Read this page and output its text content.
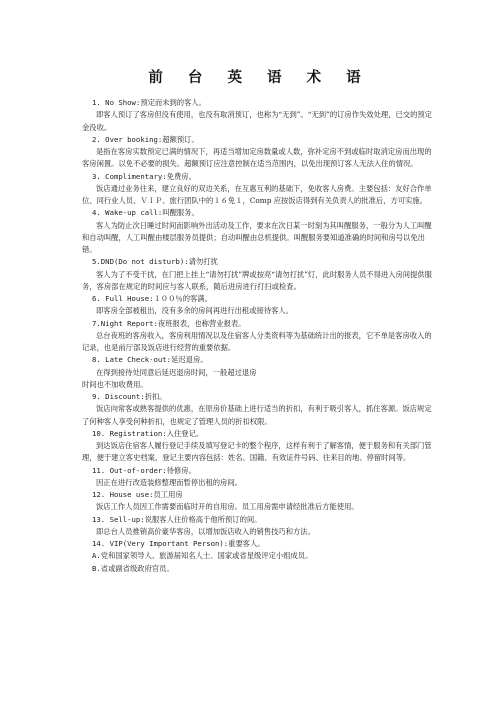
前 台 英 语 术 语

1. No Show:预定而未到的客人。

即客人预订了客房但没有使用，也没有取消预订，也称为“无到”。“无到”的订房作失效处理，已交的预定金没收。

2. Over booking:超额预订。

是指在客房实数预定已满的情况下，再适当增加定房数量或人数，弥补定房不到或临时取消定房而出现的客房闲置。以免不必要的损失。超额预订应注意控制在适当范围内，以免出现预订客人无法入住的情况。

3. Complimentary:免费房。

饭店通过业务往来，建立良好的双边关系，在互惠互利的基础下，免收客人房费。主要包括：友好合作单位、同行业人员、ＶＩＰ、旅行团队中的１６免１，Comp 应按饭店得到有关负责人的批准后，方可实施。

4. Wake-up call:叫醒服务。

客人为防止次日睡过时间而影响外出活动及工作，要求在次日某一时刻为其叫醒服务，一般分为人工叫醒和自动叫醒，人工叫醒由楼层服务员提供；自动叫醒由总机提供。叫醒服务要知道准确的时间和房号以免出错。

5.DND(Do not disturb):请勿打扰

客人为了不受干扰，在门把上挂上“请勿打扰”牌或按亮“请勿打扰”灯，此时服务人员不得进入房间提供服务，客房部在规定的时间应与客人联系，随后进房进行打扫或检查。

6. Full House:１００％的客满。

即客房全部被租出，没有多余的房间再进行出租或接待客人。

7.Night Report:夜班报表，也称营业报表。

总台夜班的客房收入，客房利用情况以及住宿客人分类资料等为基础统计出的报表，它不单是客房收入的记录，也是前厅部及饭店进行经营的重要依据。

8. Late Check-out:延迟退房。

在得到接待处同意后延迟退房时间，一般超过退房

时间也不加收费用。

9. Discount:折扣。

饭店向常客或熟客提供的优惠，在原房价基础上进行适当的折扣，有利于吸引客人，抓住客源。饭店规定了何种客人享受何种折扣，也规定了管理人员的折扣权限。

10. Registration:入住登记。

到达饭店住宿客人履行登记手续及填写登记卡的整个程序，这样有利于了解客情，便于服务和有关部门管理，便于建立客史档案，登记主要内容包括：姓名、国籍、有效证件号码、往来目的地、停留时间等。

11. Out-of-order:待修房。

因正在进行改造装修整理而暂停出租的房间。

12. House use:员工用房

饭店工作人员因工作需要而临时开的自用房。员工用房需申请经批准后方能使用。

13. Sell-up:说服客人住价格高于他所预订的间。

即总台人员推销高价豪华客房，以增加饭店收入的销售技巧和方法。

14. VIP(Very Important Person):重要客人。

A.党和国家领导人、旅游届知名人士、国家或省星级评定小组成员。

B.省或副省级政府官员。
